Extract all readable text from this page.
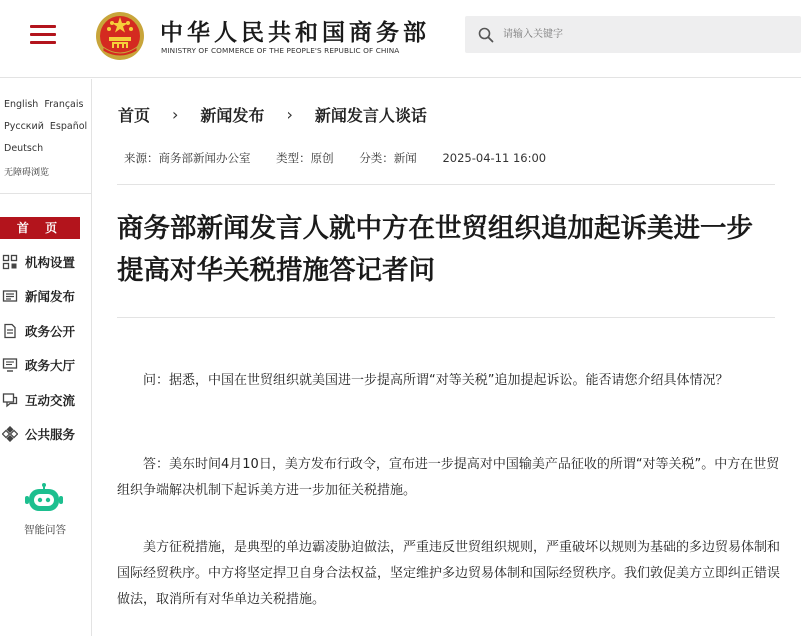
中华人民共和国商务部
MINISTRY OF COMMERCE OF THE PEOPLE'S REPUBLIC OF CHINA
请输入关键字
English Français
Русский Español
Deutsch
无障碍浏览
首 页
机构设置
新闻发布
政务公开
政务大厅
互动交流
公共服务
智能问答
首页 › 新闻发布 › 新闻发言人谈话
来源：商务部新闻办公室 类型：原创 分类：新闻 2025-04-11 16:00
商务部新闻发言人就中方在世贸组织追加起诉美进一步提高对华关税措施答记者问

问：据悉，中国在世贸组织就美国进一步提高所谓“对等关税”追加提起诉讼。能否请您介绍具体情况？

答：美东时间4月10日，美方发布行政令，宣布进一步提高对中国输美产品征收的所谓“对等关税”。中方在世贸组织争端解决机制下起诉美方进一步加征关税措施。

美方征税措施，是典型的单边霸凌胁迫做法，严重违反世贸组织规则，严重破坏以规则为基础的多边贸易体制和国际经贸秩序。中方将坚定捍卫自身合法权益，坚定维护多边贸易体制和国际经贸秩序。我们敦促美方立即纠正错误做法，取消所有对华单边关税措施。
